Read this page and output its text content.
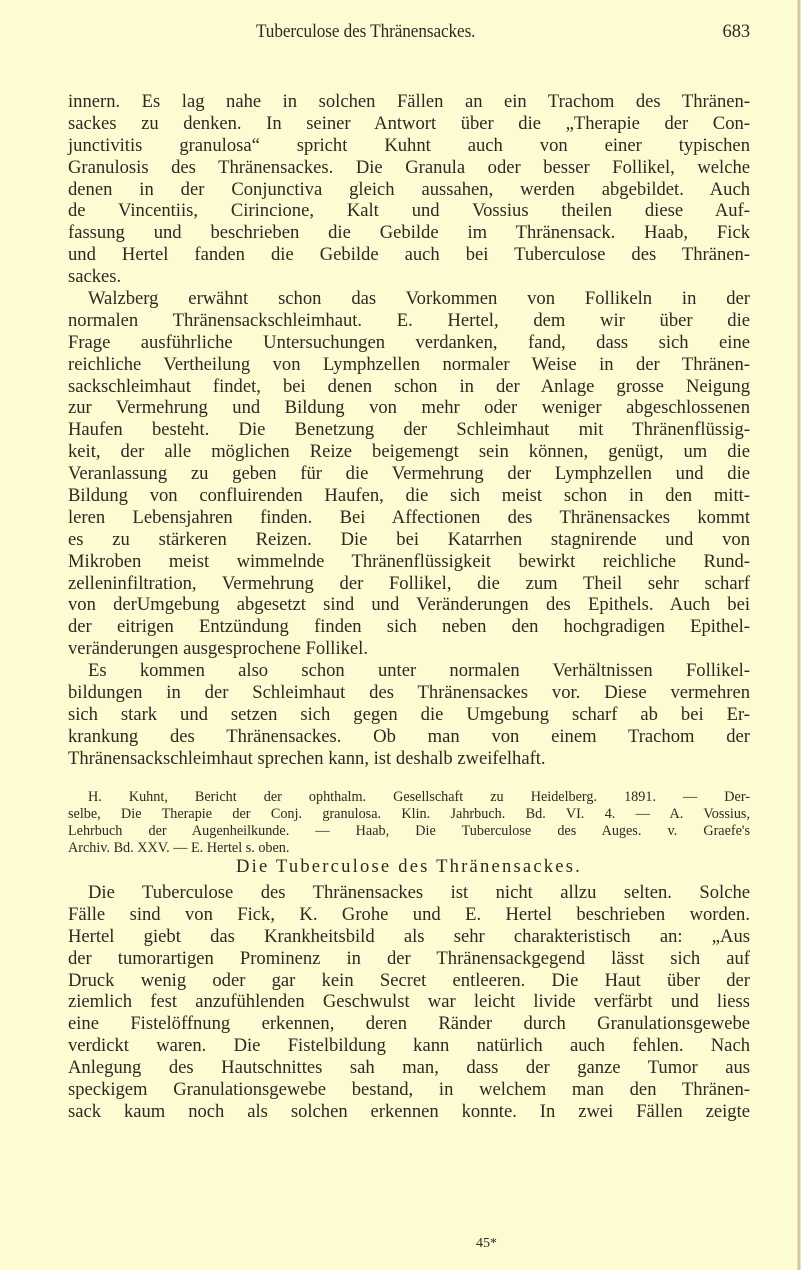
Tuberculose des Thränensackes.	683
innern. Es lag nahe in solchen Fällen an ein Trachom des Thränen-
sackes zu denken. In seiner Antwort über die „Therapie der Con-
junctivitis granulosa“ spricht Kuhnt auch von einer typischen
Granulosis des Thränensackes. Die Granula oder besser Follikel, welche
denen in der Conjunctiva gleich aussahen, werden abgebildet. Auch
de Vincentiis, Cirincione, Kalt und Vossius theilen diese Auf-
fassung und beschrieben die Gebilde im Thränensack. Haab, Fick
und Hertel fanden die Gebilde auch bei Tuberculose des Thränen-
sackes.
Walzberg erwähnt schon das Vorkommen von Follikeln in der
normalen Thränensackschleimhaut. E. Hertel, dem wir über die
Frage ausführliche Untersuchungen verdanken, fand, dass sich eine
reichliche Vertheilung von Lymphzellen normaler Weise in der Thränen-
sackschleimhaut findet, bei denen schon in der Anlage grosse Neigung
zur Vermehrung und Bildung von mehr oder weniger abgeschlossenen
Haufen besteht. Die Benetzung der Schleimhaut mit Thränenflüssig-
keit, der alle möglichen Reize beigemengt sein können, genügt, um die
Veranlassung zu geben für die Vermehrung der Lymphzellen und die
Bildung von confluirenden Haufen, die sich meist schon in den mitt-
leren Lebensjahren finden. Bei Affectionen des Thränensackes kommt
es zu stärkeren Reizen. Die bei Katarrhen stagnirende und von
Mikroben meist wimmelnde Thränenflüssigkeit bewirkt reichliche Rund-
zelleninfiltration, Vermehrung der Follikel, die zum Theil sehr scharf
von derUmgebung abgesetzt sind und Veränderungen des Epithels. Auch bei
der eitrigen Entzündung finden sich neben den hochgradigen Epithel-
veränderungen ausgesprochene Follikel.
Es kommen also schon unter normalen Verhältnissen Follikel-
bildungen in der Schleimhaut des Thränensackes vor. Diese vermehren
sich stark und setzen sich gegen die Umgebung scharf ab bei Er-
krankung des Thränensackes. Ob man von einem Trachom der
Thränensackschleimhaut sprechen kann, ist deshalb zweifelhaft.
H. Kuhnt, Bericht der ophthalm. Gesellschaft zu Heidelberg. 1891. — Der-
selbe, Die Therapie der Conj. granulosa. Klin. Jahrbuch. Bd. VI. 4. — A. Vossius,
Lehrbuch der Augenheilkunde. — Haab, Die Tuberculose des Auges. v. Graefe's
Archiv. Bd. XXV. — E. Hertel s. oben.
Die Tuberculose des Thränensackes.
Die Tuberculose des Thränensackes ist nicht allzu selten. Solche
Fälle sind von Fick, K. Grohe und E. Hertel beschrieben worden.
Hertel giebt das Krankheitsbild als sehr charakteristisch an: „Aus
der tumorartigen Prominenz in der Thränensackgegend lässt sich auf
Druck wenig oder gar kein Secret entleeren. Die Haut über der
ziemlich fest anzufühlenden Geschwulst war leicht livide verfärbt und liess
eine Fistelöffnung erkennen, deren Ränder durch Granulationsgewebe
verdickt waren. Die Fistelbildung kann natürlich auch fehlen. Nach
Anlegung des Hautschnittes sah man, dass der ganze Tumor aus
speckigem Granulationsgewebe bestand, in welchem man den Thränen-
sack kaum noch als solchen erkennen konnte. In zwei Fällen zeigte
45*
